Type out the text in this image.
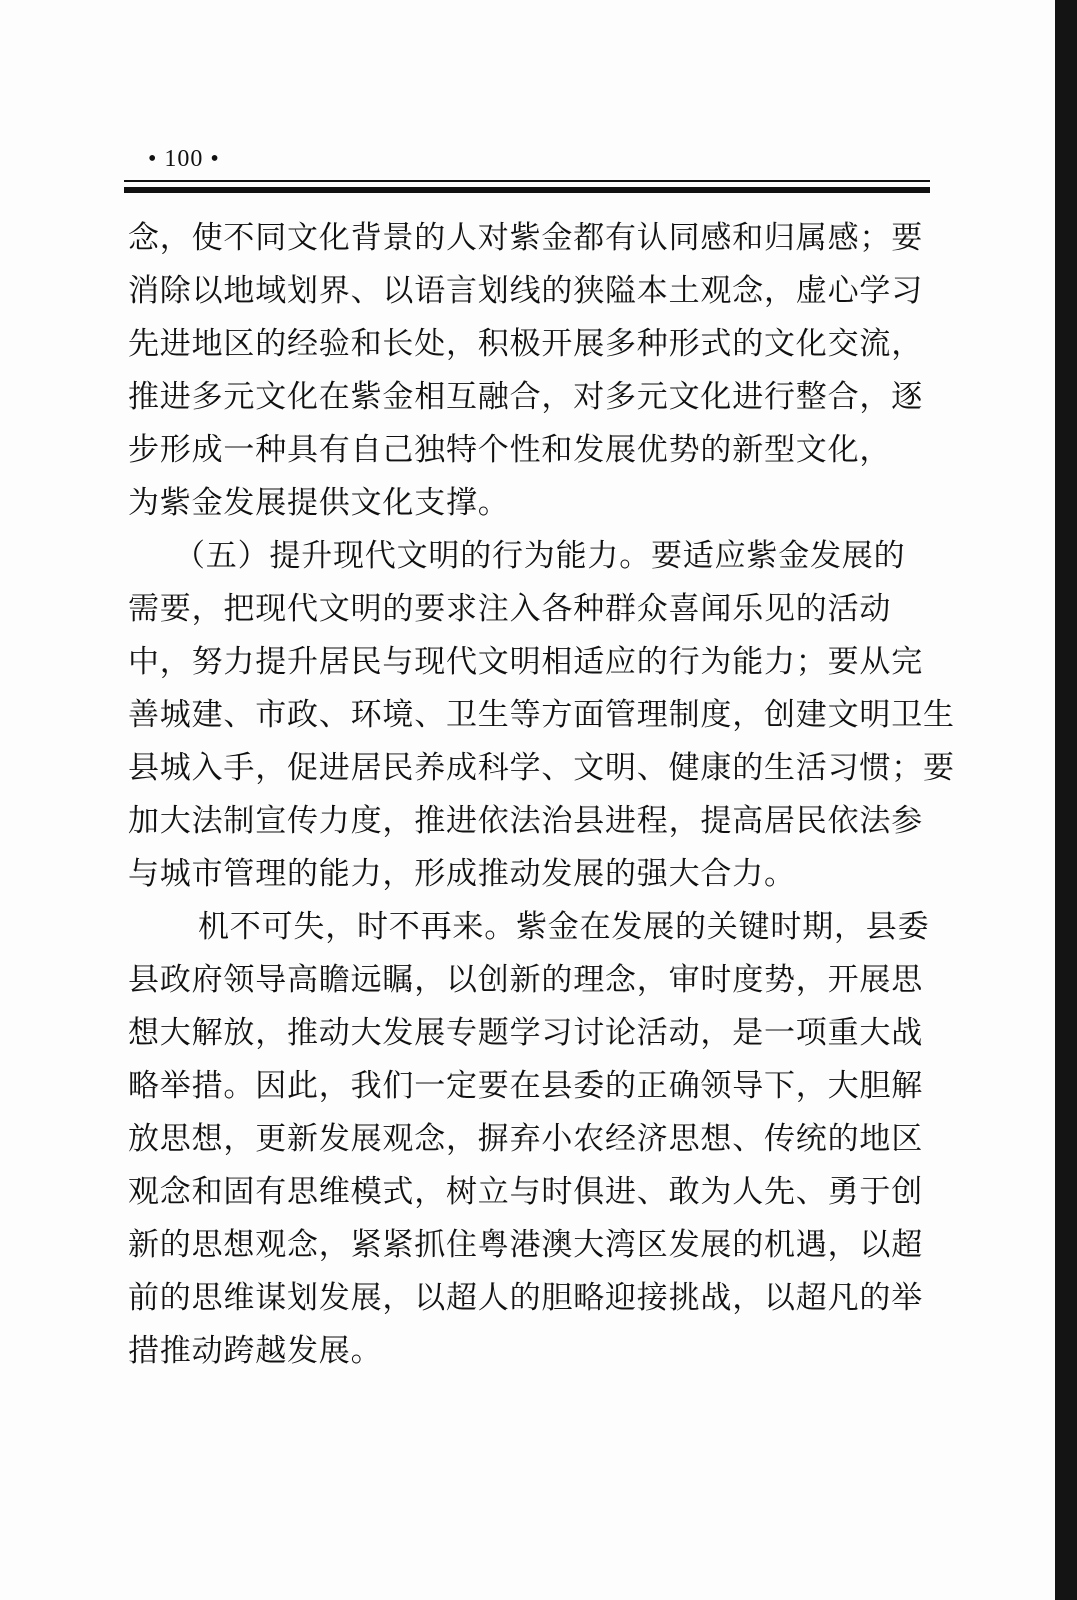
• 100 •
念，使不同文化背景的人对紫金都有认同感和归属感；要
消除以地域划界、以语言划线的狭隘本土观念，虚心学习
先进地区的经验和长处，积极开展多种形式的文化交流，
推进多元文化在紫金相互融合，对多元文化进行整合，逐
步形成一种具有自己独特个性和发展优势的新型文化，
为紫金发展提供文化支撑。
（五）提升现代文明的行为能力。要适应紫金发展的
需要，把现代文明的要求注入各种群众喜闻乐见的活动
中，努力提升居民与现代文明相适应的行为能力；要从完
善城建、市政、环境、卫生等方面管理制度，创建文明卫生
县城入手，促进居民养成科学、文明、健康的生活习惯；要
加大法制宣传力度，推进依法治县进程，提高居民依法参
与城市管理的能力，形成推动发展的强大合力。
机不可失，时不再来。紫金在发展的关键时期，县委
县政府领导高瞻远瞩，以创新的理念，审时度势，开展思
想大解放，推动大发展专题学习讨论活动，是一项重大战
略举措。因此，我们一定要在县委的正确领导下，大胆解
放思想，更新发展观念，摒弃小农经济思想、传统的地区
观念和固有思维模式，树立与时俱进、敢为人先、勇于创
新的思想观念，紧紧抓住粤港澳大湾区发展的机遇，以超
前的思维谋划发展，以超人的胆略迎接挑战，以超凡的举
措推动跨越发展。
